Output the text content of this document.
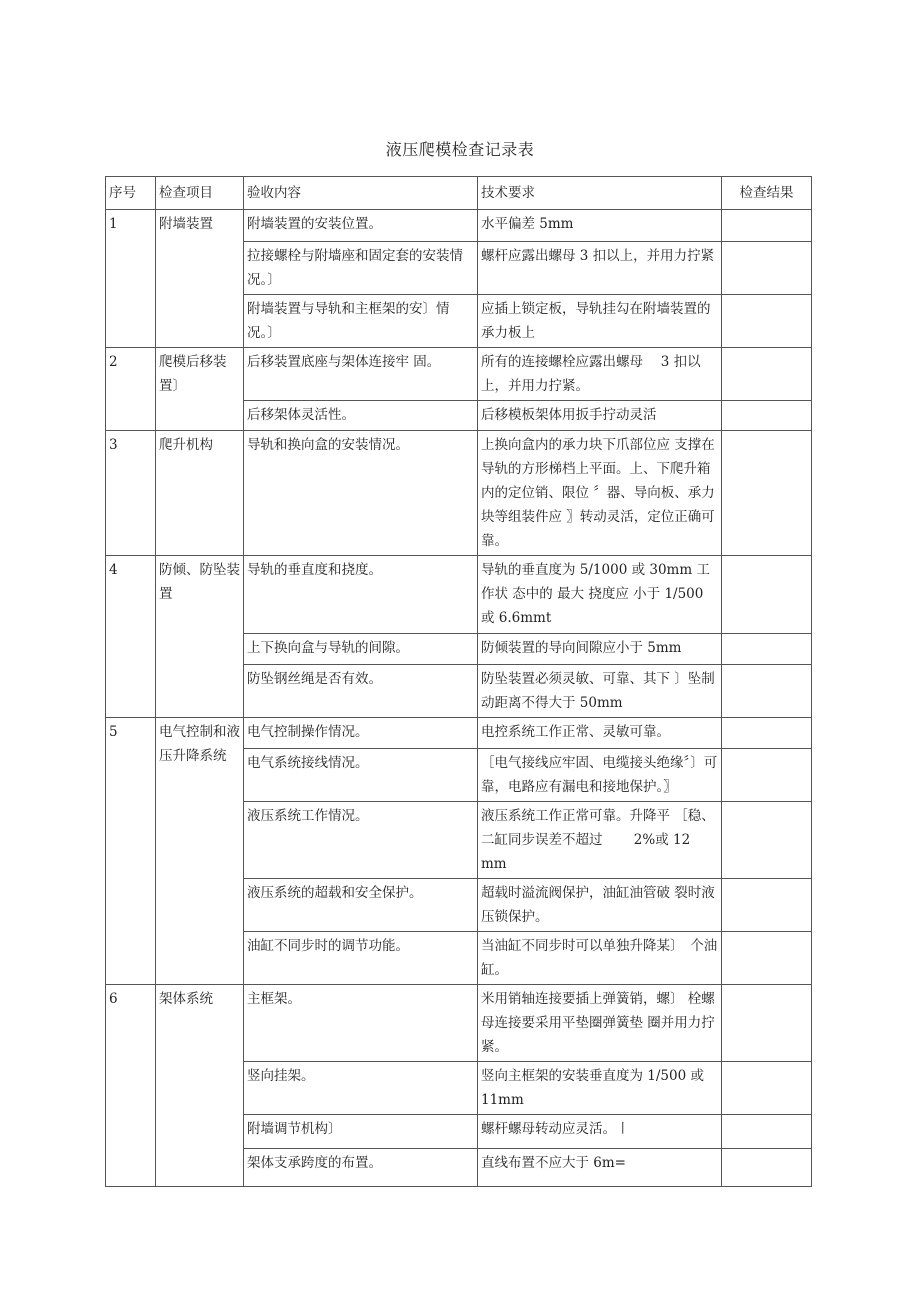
液压爬模检查记录表
序号	检查项目	验收内容	技术要求	检查结果
1	附墙装置	附墙装置的安装位置。	水平偏差 5mm	
		拉接螺栓与附墙座和固定套的安装情况。〕	螺杆应露出螺母 3 扣以上，并用力拧紧	
		附墙装置与导轨和主框架的安〕情况。〕	应插上锁定板，导轨挂勾在附墙装置的承力板上	
2	爬模后移装置〕	后移装置底座与架体连接牢 固。	所有的连接螺栓应露出螺母 　3 扣以上，并用力拧紧。	
		后移架体灵活性。	后移模板架体用扳手拧动灵活	
3	爬升机构	导轨和换向盒的安装情况。	上换向盒内的承力块下爪部位应 支撑在导轨的方形梯档上平面。上、下爬升箱内的定位销、限位 〞器、导向板、承力块等组装件应 〗转动灵活，定位正确可靠。	
4	防倾、防坠装置	导轨的垂直度和挠度。	导轨的垂直度为 5/1000 或 30mm 工作状 态中的 最大 挠度应 小于 1/500 或 6.6mmt	
		上下换向盒与导轨的间隙。	防倾装置的导向间隙应小于 5mm	
		防坠钢丝绳是否有效。	防坠装置必须灵敏、可靠、其下 〕坠制动距离不得大于 50mm	
5	电气控制和液压升降系统	电气控制操作情况。	电控系统工作正常、灵敏可靠。	
		电气系统接线情况。	［电气接线应牢固、电缆接头绝缘〞〕可靠，电路应有漏电和接地保护。〗	
		液压系统工作情况。	液压系统工作正常可靠。升降平 ［稳、二缸同步误差不超过 　　2%或 12 mm	
		液压系统的超载和安全保护。	超载时溢流阀保护，油缸油管破 裂时液压锁保护。	
		油缸不同步时的调节功能。	当油缸不同步时可以单独升降某〕　个油缸。	
6	架体系统	主框架。	米用销轴连接要插上弹簧销，螺〕 栓螺母连接要采用平垫圈弹簧垫 圈并用力拧紧。	
		竖向挂架。	竖向主框架的安装垂直度为 1/500 或 11mm	
		附墙调节机构〕	螺杆螺母转动应灵活。〡	
		架体支承跨度的布置。	直线布置不应大于 6m=	
